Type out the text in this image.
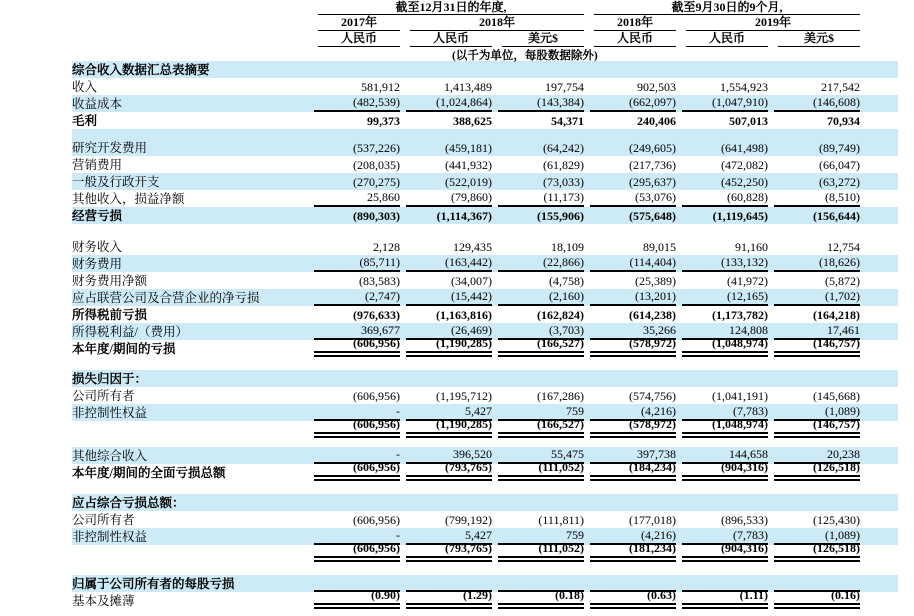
截至12月31日的年度,	截至9月30日的9个月,
2017年	2018年	2018年	2019年
人民币	人民币	美元$	人民币	人民币	美元$
(以千为单位，每股数据除外)
综合收入数据汇总表摘要
收入	581,912	1,413,489	197,754	902,503	1,554,923	217,542
收益成本	(482,539)	(1,024,864)	(143,384)	(662,097)	(1,047,910)	(146,608)
毛利	99,373	388,625	54,371	240,406	507,013	70,934
研究开发费用	(537,226)	(459,181)	(64,242)	(249,605)	(641,498)	(89,749)
营销费用	(208,035)	(441,932)	(61,829)	(217,736)	(472,082)	(66,047)
一般及行政开支	(270,275)	(522,019)	(73,033)	(295,637)	(452,250)	(63,272)
其他收入，损益净额	25,860	(79,860)	(11,173)	(53,076)	(60,828)	(8,510)
经营亏损	(890,303)	(1,114,367)	(155,906)	(575,648)	(1,119,645)	(156,644)
财务收入	2,128	129,435	18,109	89,015	91,160	12,754
财务费用	(85,711)	(163,442)	(22,866)	(114,404)	(133,132)	(18,626)
财务费用净额	(83,583)	(34,007)	(4,758)	(25,389)	(41,972)	(5,872)
应占联营公司及合营企业的净亏损	(2,747)	(15,442)	(2,160)	(13,201)	(12,165)	(1,702)
所得税前亏损	(976,633)	(1,163,816)	(162,824)	(614,238)	(1,173,782)	(164,218)
所得税利益/（费用）	369,677	(26,469)	(3,703)	35,266	124,808	17,461
本年度/期间的亏损	(606,956)	(1,190,285)	(166,527)	(578,972)	(1,048,974)	(146,757)
损失归因于：
公司所有者	(606,956)	(1,195,712)	(167,286)	(574,756)	(1,041,191)	(145,668)
非控制性权益	-	5,427	759	(4,216)	(7,783)	(1,089)
(606,956)	(1,190,285)	(166,527)	(578,972)	(1,048,974)	(146,757)
其他综合收入	-	396,520	55,475	397,738	144,658	20,238
本年度/期间的全面亏损总额	(606,956)	(793,765)	(111,052)	(184,234)	(904,316)	(126,518)
应占综合亏损总额：
公司所有者	(606,956)	(799,192)	(111,811)	(177,018)	(896,533)	(125,430)
非控制性权益	-	5,427	759	(4,216)	(7,783)	(1,089)
(606,956)	(793,765)	(111,052)	(181,234)	(904,316)	(126,518)
归属于公司所有者的每股亏损
基本及摊薄	(0.90)	(1.29)	(0.18)	(0.63)	(1.11)	(0.16)
